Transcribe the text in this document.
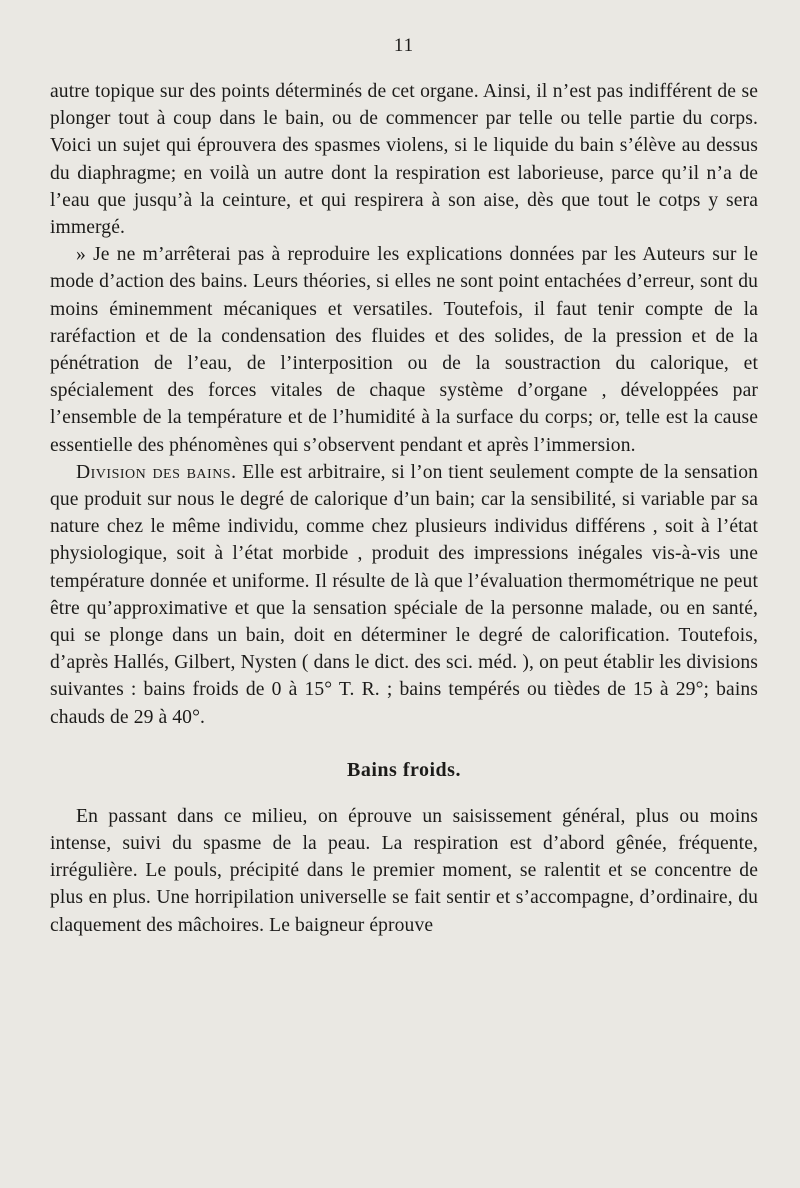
11

autre topique sur des points déterminés de cet organe. Ainsi, il n’est pas indifférent de se plonger tout à coup dans le bain, ou de commencer par telle ou telle partie du corps. Voici un sujet qui éprouvera des spasmes violens, si le liquide du bain s’élève au dessus du diaphragme; en voilà un autre dont la respiration est laborieuse, parce qu’il n’a de l’eau que jusqu’à la ceinture, et qui respirera à son aise, dès que tout le cotps y sera immergé.

» Je ne m’arrêterai pas à reproduire les explications données par les Auteurs sur le mode d’action des bains. Leurs théories, si elles ne sont point entachées d’erreur, sont du moins éminemment mécaniques et versatiles. Toutefois, il faut tenir compte de la raréfaction et de la condensation des fluides et des solides, de la pression et de la pénétration de l’eau, de l’interposition ou de la soustraction du calorique, et spécialement des forces vitales de chaque système d’organe , développées par l’ensemble de la température et de l’humidité à la surface du corps; or, telle est la cause essentielle des phénomènes qui s’observent pendant et après l’immersion.

Division des bains. Elle est arbitraire, si l’on tient seulement compte de la sensation que produit sur nous le degré de calorique d’un bain; car la sensibilité, si variable par sa nature chez le même individu, comme chez plusieurs individus différens , soit à l’état physiologique, soit à l’état morbide , produit des impressions inégales vis-à-vis une température donnée et uniforme. Il résulte de là que l’évaluation thermométrique ne peut être qu’approximative et que la sensation spéciale de la personne malade, ou en santé, qui se plonge dans un bain, doit en déterminer le degré de calorification. Toutefois, d’après Hallés, Gilbert, Nysten ( dans le dict. des sci. méd. ), on peut établir les divisions suivantes : bains froids de 0 à 15° T. R. ; bains tempérés ou tièdes de 15 à 29°; bains chauds de 29 à 40°.

Bains froids.

En passant dans ce milieu, on éprouve un saisissement général, plus ou moins intense, suivi du spasme de la peau. La respiration est d’abord gênée, fréquente, irrégulière. Le pouls, précipité dans le premier moment, se ralentit et se concentre de plus en plus. Une horripilation universelle se fait sentir et s’accompagne, d’ordinaire, du claquement des mâchoires. Le baigneur éprouve
